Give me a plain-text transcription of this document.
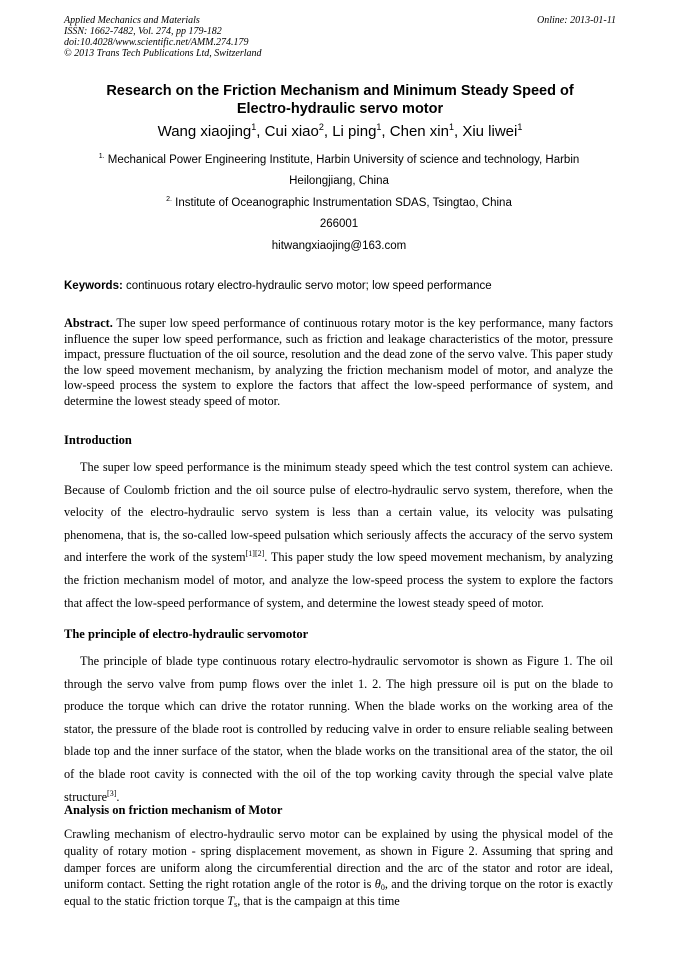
Applied Mechanics and Materials
ISSN: 1662-7482, Vol. 274, pp 179-182
doi:10.4028/www.scientific.net/AMM.274.179
© 2013 Trans Tech Publications Ltd, Switzerland
Online: 2013-01-11
Research on the Friction Mechanism and Minimum Steady Speed of
Electro-hydraulic servo motor
Wang xiaojing$^1$, Cui xiao$^2$, Li ping$^1$, Chen xin$^1$, Xiu liwei$^1$
$^{1.}$ Mechanical Power Engineering Institute, Harbin University of science and technology, Harbin
Heilongjiang, China
$^{2.}$ Institute of Oceanographic Instrumentation SDAS, Tsingtao, China
266001
hitwangxiaojing@163.com
Keywords: continuous rotary electro-hydraulic servo motor; low speed performance
Abstract. The super low speed performance of continuous rotary motor is the key performance, many factors influence the super low speed performance, such as friction and leakage characteristics of the motor, pressure impact, pressure fluctuation of the oil source, resolution and the dead zone of the servo valve. This paper study the low speed movement mechanism, by analyzing the friction mechanism model of motor, and analyze the low-speed process the system to explore the factors that affect the low-speed performance of system, and determine the lowest steady speed of motor.
Introduction
The super low speed performance is the minimum steady speed which the test control system can achieve. Because of Coulomb friction and the oil source pulse of electro-hydraulic servo system, therefore, when the velocity of the electro-hydraulic servo system is less than a certain value, its velocity was pulsating phenomena, that is, the so-called low-speed pulsation which seriously affects the accuracy of the servo system and interfere the work of the system[1][2]. This paper study the low speed movement mechanism, by analyzing the friction mechanism model of motor, and analyze the low-speed process the system to explore the factors that affect the low-speed performance of system, and determine the lowest steady speed of motor.
The principle of electro-hydraulic servomotor
The principle of blade type continuous rotary electro-hydraulic servomotor is shown as Figure 1. The oil through the servo valve from pump flows over the inlet 1. 2. The high pressure oil is put on the blade to produce the torque which can drive the rotator running. When the blade works on the working area of the stator, the pressure of the blade root is controlled by reducing valve in order to ensure reliable sealing between blade top and the inner surface of the stator, when the blade works on the transitional area of the stator, the oil of the blade root cavity is connected with the oil of the top working cavity through the special valve plate structure[3].
Analysis on friction mechanism of Motor
Crawling mechanism of electro-hydraulic servo motor can be explained by using the physical model of the quality of rotary motion - spring displacement movement, as shown in Figure 2. Assuming that spring and damper forces are uniform along the circumferential direction and the arc of the stator and rotor are ideal, uniform contact. Setting the right rotation angle of the rotor is $\theta_0$, and the driving torque on the rotor is exactly equal to the static friction torque $T_s$, that is the campaign at this time
